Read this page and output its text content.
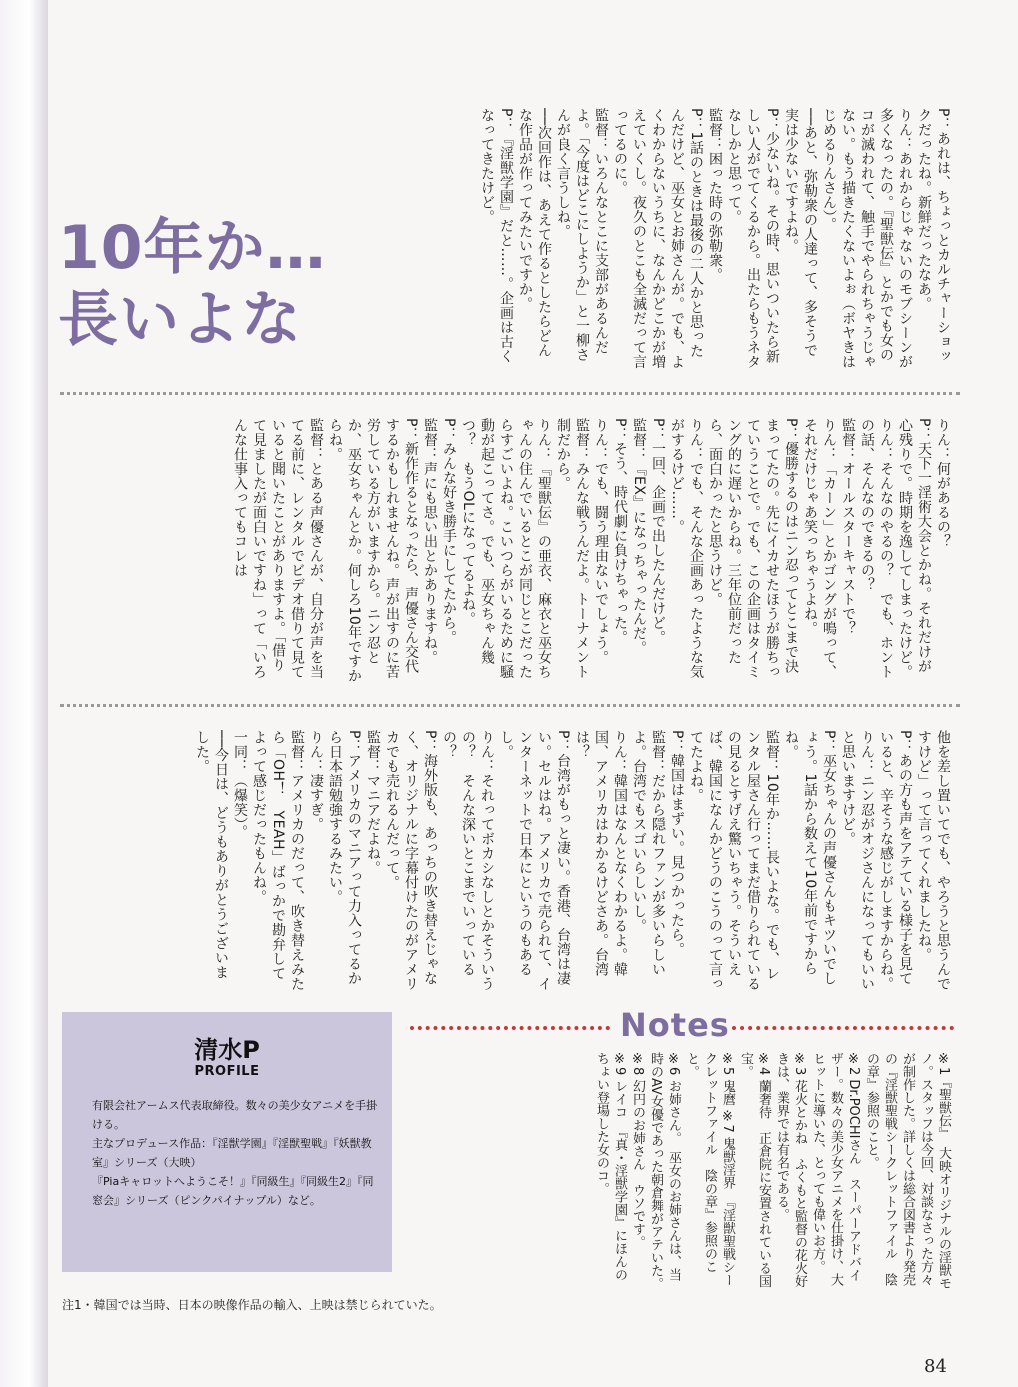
10年か…
長いよな	P：あれは、ちょっとカルチャーショックだったね。新鮮だったなあ。

りん：あれからじゃないのモブシーンが多くなったの。『聖獣伝』とかでも女のコが滅われて、触手でやられちゃうじゃない。もう描きたくないよぉ（ボヤきはじめるりんさん）。

──あと、弥勒衆の人達って、多そうで実は少ないですよね。

P：少ないね。その時、思いついたら新しい人がでてくるから。出たらもうネタなしかと思って。

監督：困った時の弥勒衆。

P：1話のときは最後の二人かと思ったんだけど、巫女とお姉さんが。でも、よくわからないうちに、なんかどこかが増えていくし。夜久のとこも全滅だって言ってるのに。

監督：いろんなとこに支部があるんだよ。「今度はどこにしようか」と一柳さんが良く言うしね。

──次回作は、あえて作るとしたらどんな作品が作ってみたいですか。

P：『淫獣学園』だと……。企画は古くなってきたけど。

りん：何があるの？

P：天下一淫術大会とかね。それだけが心残りで。時期を逸してしまったけど。

りん：そんなのやるの？　でも、ホントの話、そんなのできるの？

監督：オールスターキャストで？

りん：「カーン」とかゴングが鳴って、それだけじゃあ笑っちゃうよね。

P：優勝するのはニン忍ってとこまで決まってたの。先にイカせたほうが勝ちっていうことで。でも、この企画はタイミング的に遅いからね。三年位前だったら、面白かったと思うけど。

りん：でも、そんな企画あったような気がするけど……。

P：一回、企画で出したんだけど。

監督：『EX』になっちゃったんだ。

P：そう、時代劇に負けちゃった。

りん：でも、闘う理由ないでしょう。

監督：みんな戦うんだよ。トーナメント制だから。

りん：『聖獣伝』の亜衣、麻衣と巫女ちゃんの住んでいるとこが同じとこだったらすごいよね。こいつらがいるために騒動が起こってさ。でも、巫女ちゃん幾つ？　もうOLになってるよね。

P：みんな好き勝手にしてたから。

監督：声にも思い出とかありますね。

P：新作作るとなったら、声優さん交代するかもしれませんね。声が出すのに苦労している方がいますから。ニン忍とか、巫女ちゃんとか。何しろ10年ですからね。

監督：とある声優さんが、自分が声を当てる前に、レンタルでビデオ借りて見ていると聞いたことがありますよ。「借りて見ましたが面白いですね」って「いろんな仕事入ってもコレは

他を差し置いてでも、やろうと思うんですけど」って言ってくれましたね。

P：あの方も声をアテている様子を見ていると、辛そうな感じがしますからね。

りん：ニン忍がオジさんになってもいいと思いますけど。

P：巫女ちゃんの声優さんもキツいでしょう。1話から数えて10年前ですからね。

監督：10年か……長いよな。でも、レンタル屋さん行ってまだ借りられているの見るとすげえ驚いちゃう。そういえば、韓国になんかどうのこうのって言ってたよね。

P：韓国はまずい。見つかったら。

監督：だから隠れファンが多いらしいよ。台湾でもスゴいらしいし。

りん：韓国はなんとなくわかるよ。韓国、アメリカはわかるけどさあ。台湾は？

P：台湾がもっと凄い。香港、台湾は凄い。セルはね。アメリカで売られて、インターネットで日本にというのもあるし。

りん：それってボカシなしとかそういうの？　そんな深いとこまでいっているの？

P：海外版も、あっちの吹き替えじゃなく、オリジナルに字幕付けたのがアメリカでも売れるんだって。

監督：マニアだよね。

P：アメリカのマニアって力入ってるから日本語勉強するみたい。

りん：凄すぎ。

監督：アメリカのだって、吹き替えみたら「OH！　YEAH」ばっかで勘弁してよって感じだったもんね。

一同：（爆笑）。

──今日は、どうもありがとうございました。

清水P
PROFILE

有限会社アームス代表取締役。数々の美少女アニメを手掛ける。

主なプロデュース作品：『淫獣学園』『淫獣聖戦』『妖獣教室』シリーズ（大映）

『Piaキャロットへようこそ！』『同級生』『同級生2』『同窓会』シリーズ（ピンクパイナップル）など。

Notes

※1『聖獣伝』　大映オリジナルの淫獣モノ。スタッフは今回、対談なさった方々が制作した。詳しくは総合図書より発売の『淫獣聖戦シークレットファイル　陰の章』参照のこと。

※2 Dr.POCHIさん　スーパーアドバイザー。数々の美少女アニメを仕掛け、大ヒットに導いた、とっても偉いお方。

※3 花火とかね　ふくもと監督の花火好きは、業界では有名である。

※4 蘭奢待　正倉院に安置されている国宝。

※5 鬼麿 ※7 鬼獣淫界　『淫獣聖戦シークレットファイル　陰の章』参照のこと。

※6 お姉さん。　巫女のお姉さんは、当時のAV女優であった朝倉舞がアテいた。

※8 幻円のお姉さん　ウソです。

※9 レイコ　『真・淫獣学園』にほんのちょい登場した女のコ。

注1・韓国では当時、日本の映像作品の輸入、上映は禁じられていた。
84
